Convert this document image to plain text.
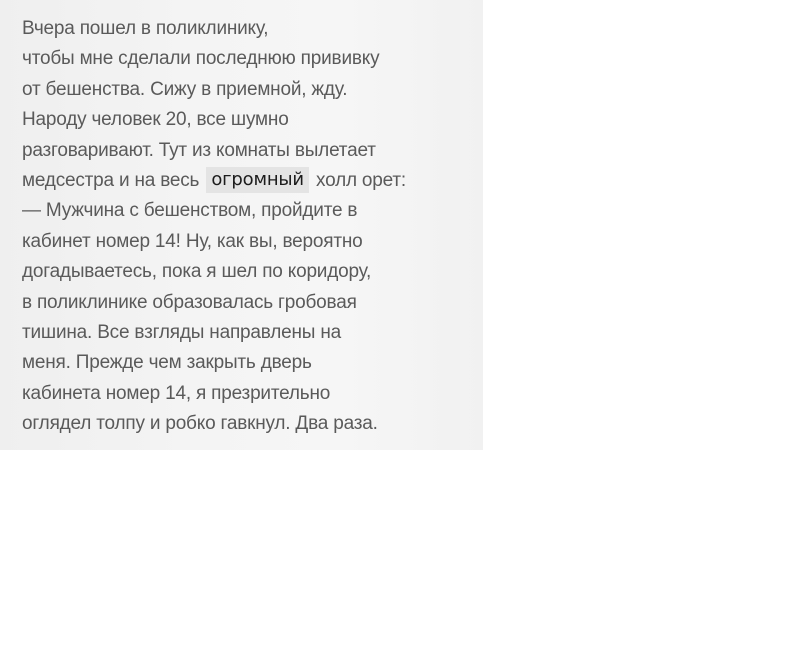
Вчера пошел в поликлинику,
чтобы мне сделали последнюю прививку
от бешенства. Сижу в приемной, жду.
Народу человек 20, все шумно
разговаривают. Тут из комнаты вылетает
медсестра и на весь огромный холл орет:
— Мужчина с бешенством, пройдите в
кабинет номер 14! Ну, как вы, вероятно
догадываетесь, пока я шел по коридору,
в поликлинике образовалась гробовая
тишина. Все взгляды направлены на
меня. Прежде чем закрыть дверь
кабинета номер 14, я презрительно
оглядел толпу и робко гавкнул. Два раза.
